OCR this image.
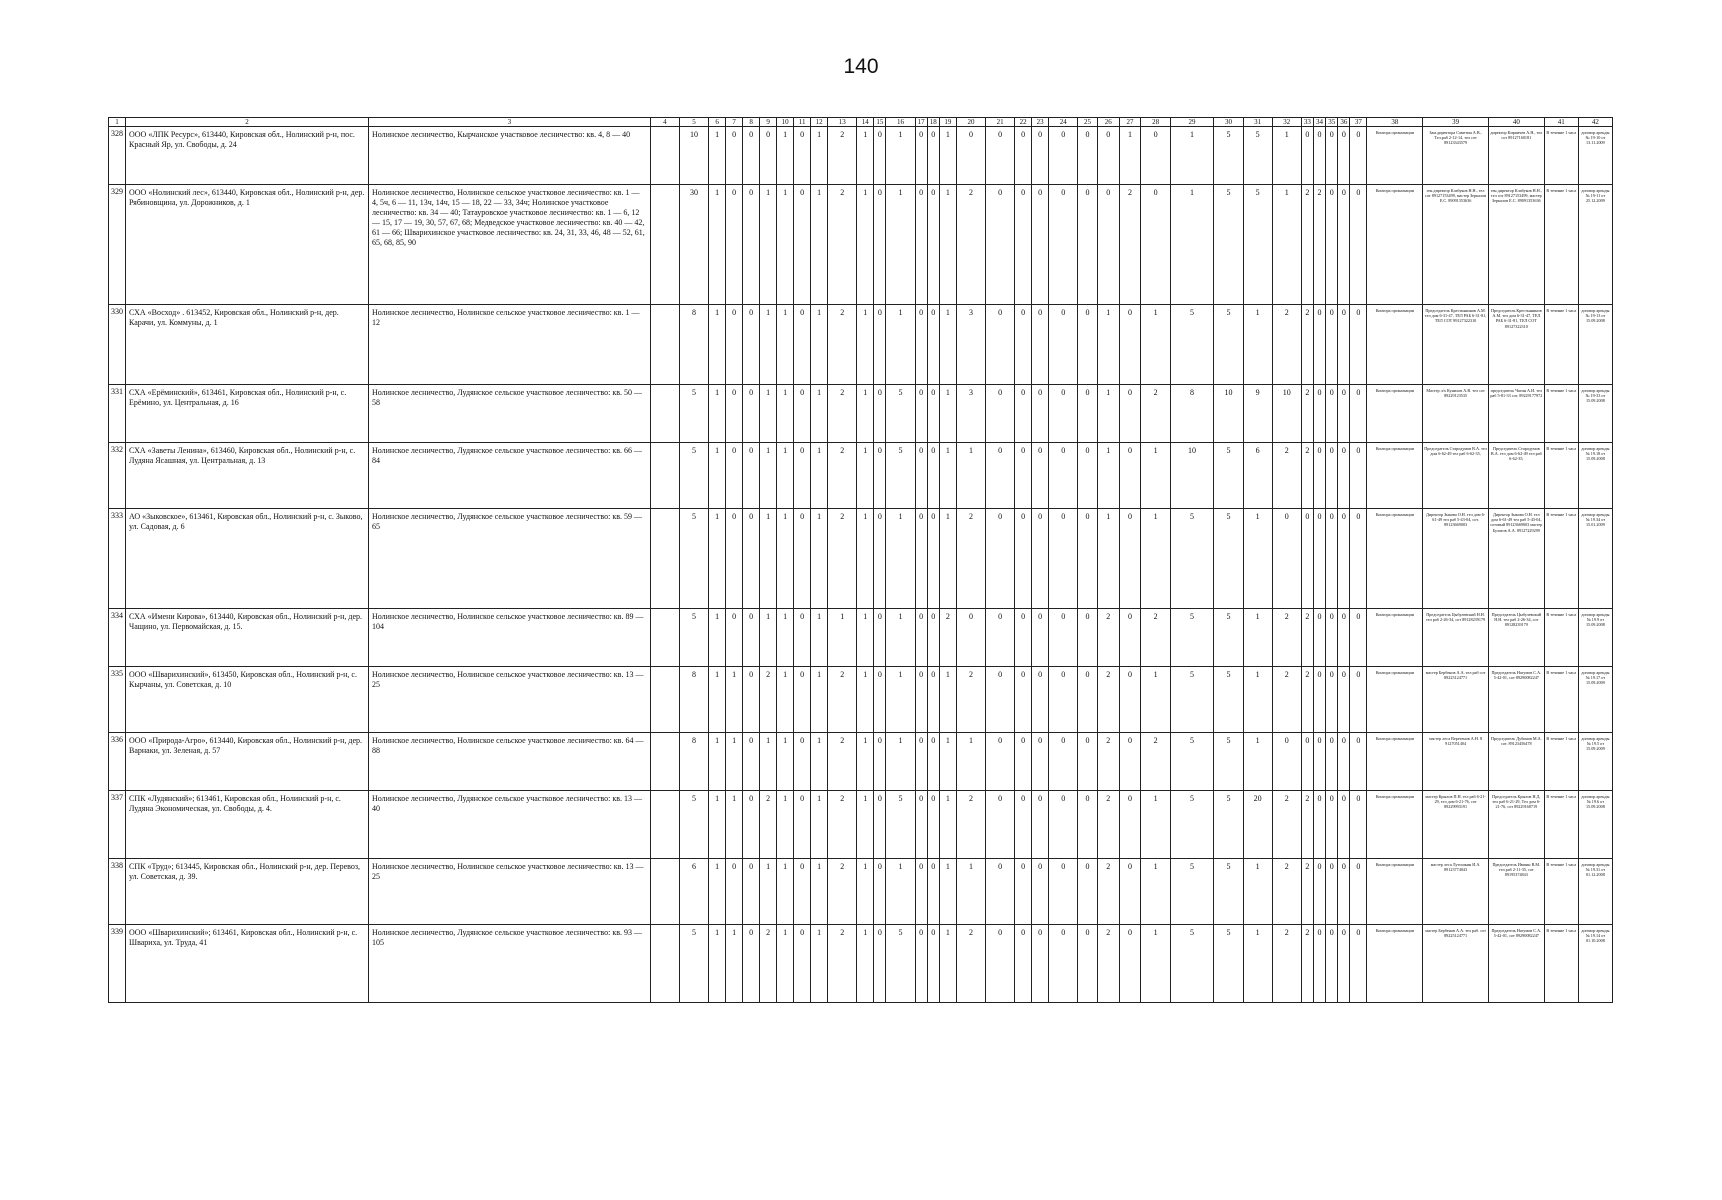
140
1	2	3	4	5	6	7	8	9	10	11	12	13	14	15	16	17	18	19	20	21	22	23	24	25	26	27	28	29	30	31	32	33	34	35	36	37	38	39	40	41	42
328	ООО «ЛПК Ресурс», 613440, Кировская обл., Нолинский р-н, пос. Красный Яр, ул. Свободы, д. 24	Нолинское лесничество, Кырчанское участковое лесничество: кв. 4, 8 — 40		10	1	0	0	0	1	0	1	2	1	0	1	0	0	1	0	0	0	0	0	0	0	1	0	1	5	5	1	0	0	0	0	0	Контора организации	Зам.директора Саметин А.В., Тел.раб 2-12-14, тел сот 89123343579	директор Кирпичев А.Н., тел сот 89127160181	В течение 1 часа	договор аренды № 19-10 от 13.11.2009
329	ООО «Нолинский лес», 613440, Кировская обл., Нолинский р-н, дер. Рябиновщина, ул. Дорожников, д. 1	Нолинское лесничество, Нолинское сельское участковое лесничество: кв. 1 — 4, 5ч, 6 — 11, 13ч, 14ч, 15 — 18, 22 — 33, 34ч; Нолинское участковое лесничество: кв. 34 — 40; Татауровское участковое лесничество: кв. 1 — 6, 12 — 15, 17 — 19, 30, 57, 67, 68; Медведское участковое лесничество: кв. 40 — 42, 61 — 66; Шварихинское участковое лесничество: кв. 24, 31, 33, 46, 48 — 52, 61, 65, 68, 85, 90		30	1	0	0	1	1	0	1	2	1	0	1	0	0	1	2	0	0	0	0	0	0	2	0	1	5	5	1	2	2	0	0	0	Контора организации	ген.директор Клабуков Н.Н., тел сот 89127153499, мастер Зеркалов Е.С. 89091353636	ген.директор Клабуков Н.Н., тел сот 89127153499, мастер Зеркалов Е.С. 89091353636	В течение 1 часа	договор аренды № 19-11 от 25.12.2009
330	СХА «Восход» . 613452, Кировская обл., Нолинский р-н, дер. Карачи, ул. Коммуны, д. 1	Нолинское лесничество, Нолинское сельское участковое лесничество: кв. 1 — 12		8	1	0	0	1	1	0	1	2	1	0	1	0	0	1	3	0	0	0	0	0	1	0	1	5	5	1	2	2	0	0	0	0	Контора организации	Председатель Крестьянинов А.М. тел дом 6-31-47, ТЕЛ РАБ 6-31-81, ТЕЛ СОТ 89127322310	Председатель Крестьянинов А.М. тел дом 6-31-47, ТЕЛ РАБ 6-31-81, ТЕЛ СОТ 89127322310	В течение 1 часа	договор аренды № 19-13 от 15.09.2008
331	СХА «Ерёминский», 613461, Кировская обл., Нолинский р-н, с. Ерёмино, ул. Центральная, д. 16	Нолинское лесничество, Лудянское сельское участковое лесничество: кв. 50 — 58		5	1	0	0	1	1	0	1	2	1	0	5	0	0	1	3	0	0	0	0	0	1	0	2	8	10	9	10	2	0	0	0	0	Контора организации	Мастер л/х Кунилов А.В. тел сот 89229123535	председатель Чагин А.И. тел раб 5-81-33 сот. 89229177972	В течение 1 часа	договор аренды № 19-33 от 15.09.2008
332	СХА «Заветы Ленина», 613460, Кировская обл., Нолинский р-н, с. Лудяна Ясашная, ул. Центральная, д. 13	Нолинское лесничество, Лудянское сельское участковое лесничество: кв. 66 — 84		5	1	0	0	1	1	0	1	2	1	0	5	0	0	1	1	0	0	0	0	0	1	0	1	10	5	6	2	2	0	0	0	0	Контора организации	Председатель Стародумов В.А. тел дом 6-62-49 тел раб 6-62-35,	Председатель Стародумов В.А. тел дом 6-62-49 тел раб 6-62-35,	В течение 1 часа	договор аренды № 19.18 от 15.09.2008
333	АО «Зыковское», 613461, Кировская обл., Нолинский р-н, с. Зыково, ул. Садовая, д. 6	Нолинское лесничество, Лудянское сельское участковое лесничество: кв. 59 — 65		5	1	0	0	1	1	0	1	2	1	0	1	0	0	1	2	0	0	0	0	0	1	0	1	5	5	1	0	0	0	0	0	0	Контора организации	Директор Зыкова О.Н. тел дом 6-61-49 тел раб 5-43-04, сот. 89123669003	Директор Зыкова О.Н. тел дом 6-61-49 тел раб 5-43-04, сотовый 89123669003 мастер Булатов А.А. 89127229299	В течение 1 часа	договор аренды № 19.34 от 15.01.2009
334	СХА «Имени Кирова», 613440, Кировская обл., Нолинский р-н, дер. Чащино, ул. Первомайская, д. 15.	Нолинское лесничество, Нолинское сельское участковое лесничество: кв. 89 — 104		5	1	0	0	1	1	0	1	1	1	0	1	0	0	2	0	0	0	0	0	0	2	0	2	5	5	1	2	2	0	0	0	0	Контора организации	Председатель Цыбулевский Н.Н. тел раб 2-26-34, сот 89128239179	Председатель Цыбулевский Н.Н. тел раб 2-26-34, сот 89128239179	В течение 1 часа	договор аренды № 19.9 от 15.09.2008
335	ООО «Шварихинский», 613450, Кировская обл., Нолинский р-н, с. Кырчаны, ул. Советская, д. 10	Нолинское лесничество, Нолинское сельское участковое лесничество: кв. 13 — 25		8	1	1	0	2	1	0	1	2	1	0	1	0	0	1	2	0	0	0	0	0	2	0	1	5	5	1	2	2	0	0	0	0	Контора организации	мастер Бербенов А.А. тел раб сот 89225124771	Председатель Нагумов С.А. 5-42-01, сот 89290082247	В течение 1 часа	договор аренды № 19.17 от 15.09.2009
336	ООО «Природа-Агро», 613440, Кировская обл., Нолинский р-н, дер. Варнаки, ул. Зеленая, д. 57	Нолинское лесничество, Нолинское сельское участковое лесничество: кв. 64 — 88		8	1	1	0	1	1	0	1	2	1	0	1	0	0	1	1	0	0	0	0	0	2	0	2	5	5	1	0	0	0	0	0	0	Контора организации	мастер леса Веретенов А.Н. 8 9127051404	Председатель Дубинов М.А. сот. 89123456478	В течение 1 часа	договор аренды № 19.5 от 15.09.2009
337	СПК «Лудянский»; 613461, Кировская обл., Нолинский р-н, с. Лудяна Экономическая, ул. Свободы, д. 4.	Нолинское лесничество, Лудянское сельское участковое лесничество: кв. 13 — 40		5	1	1	0	2	1	0	1	2	1	0	5	0	0	1	2	0	0	0	0	0	2	0	1	5	5	20	2	2	0	0	0	0	Контора организации	мастер Крылов П.Н. тел раб 6-21-29, тел дом 6-21-76, сот 89229993191	Председатель Крылов Н.Д. тел раб 6-21-29, Тел дом 6-21-76, сот 89229168719	В течение 1 часа	договор аренды № 19.6 от 15.09.2008
338	СПК «Труд»; 613445, Кировская обл., Нолинский р-н, дер. Перевоз, ул. Советская, д. 39.	Нолинское лесничество, Нолинское сельское участковое лесничество: кв. 13 — 25		6	1	0	0	1	1	0	1	2	1	0	1	0	0	1	1	0	0	0	0	0	2	0	1	5	5	1	2	2	0	0	0	0	Контора организации	мастер леса Лутошкин И.А. 89123774043	Председатель Ившин В.М. тел раб 2-11-35, сот 89195374843	В течение 1 часа	договор аренды № 19.31 от 01.12.2008
339	ООО «Шварихинский»; 613461, Кировская обл., Нолинский р-н, с. Швариха, ул. Труда, 41	Нолинское лесничество, Лудянское сельское участковое лесничество: кв. 93 — 105		5	1	1	0	2	1	0	1	2	1	0	5	0	0	1	2	0	0	0	0	0	2	0	1	5	5	1	2	2	0	0	0	0	Контора организации	мастер Бербенов А.А. тел раб. сот 89225124771	Председатель Нагумов С.А. 5-42-01, сот 89290082247	В течение 1 часа	договор аренды № 19.14 от 01.10.2008
